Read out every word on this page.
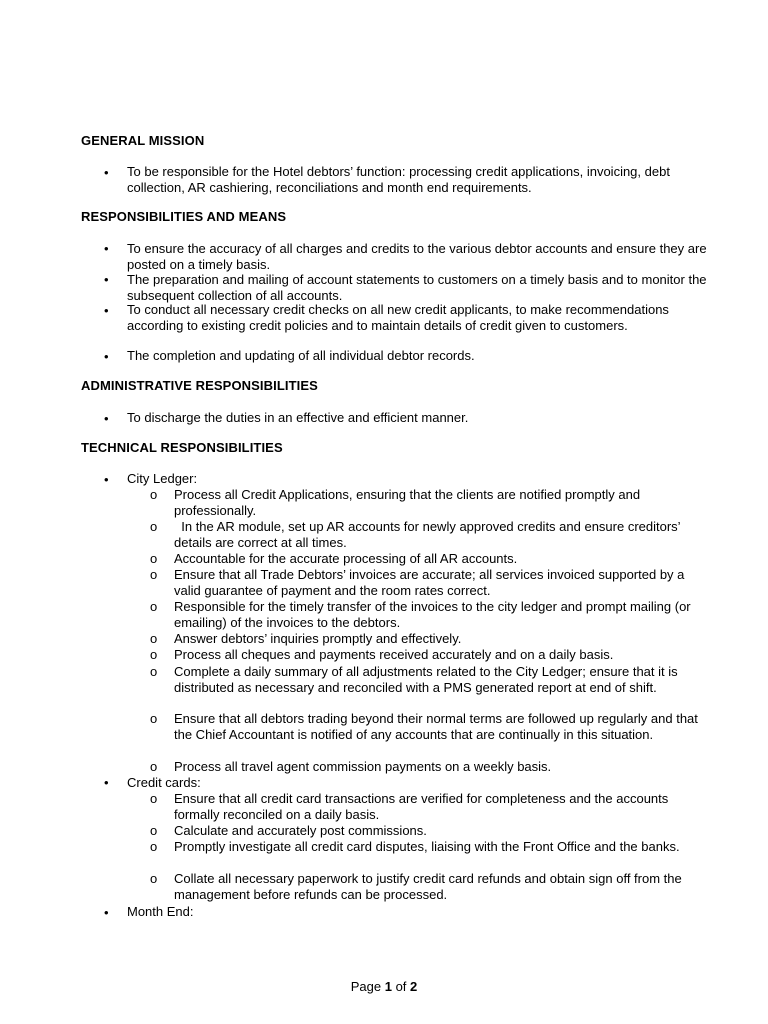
GENERAL MISSION
• To be responsible for the Hotel debtors’ function: processing credit applications, invoicing, debt collection, AR cashiering, reconciliations and month end requirements.

RESPONSIBILITIES AND MEANS
• To ensure the accuracy of all charges and credits to the various debtor accounts and ensure they are posted on a timely basis.

• The preparation and mailing of account statements to customers on a timely basis and to monitor the subsequent collection of all accounts.

• To conduct all necessary credit checks on all new credit applicants, to make recommendations according to existing credit policies and to maintain details of credit given to customers.

• The completion and updating of all individual debtor records.

ADMINISTRATIVE RESPONSIBILITIES
• To discharge the duties in an effective and efficient manner.

TECHNICAL RESPONSIBILITIES
• City Ledger:

o Process all Credit Applications, ensuring that the clients are notified promptly and professionally.

o In the AR module, set up AR accounts for newly approved credits and ensure creditors’ details are correct at all times.

o Accountable for the accurate processing of all AR accounts.

o Ensure that all Trade Debtors’ invoices are accurate; all services invoiced supported by a valid guarantee of payment and the room rates correct.

o Responsible for the timely transfer of the invoices to the city ledger and prompt mailing (or emailing) of the invoices to the debtors.

o Answer debtors’ inquiries promptly and effectively.

o Process all cheques and payments received accurately and on a daily basis.

o Complete a daily summary of all adjustments related to the City Ledger; ensure that it is distributed as necessary and reconciled with a PMS generated report at end of shift.

o Ensure that all debtors trading beyond their normal terms are followed up regularly and that the Chief Accountant is notified of any accounts that are continually in this situation.

o Process all travel agent commission payments on a weekly basis.

• Credit cards:

o Ensure that all credit card transactions are verified for completeness and the accounts formally reconciled on a daily basis.

o Calculate and accurately post commissions.

o Promptly investigate all credit card disputes, liaising with the Front Office and the banks.

o Collate all necessary paperwork to justify credit card refunds and obtain sign off from the management before refunds can be processed.

• Month End:

Page 1 of 2
